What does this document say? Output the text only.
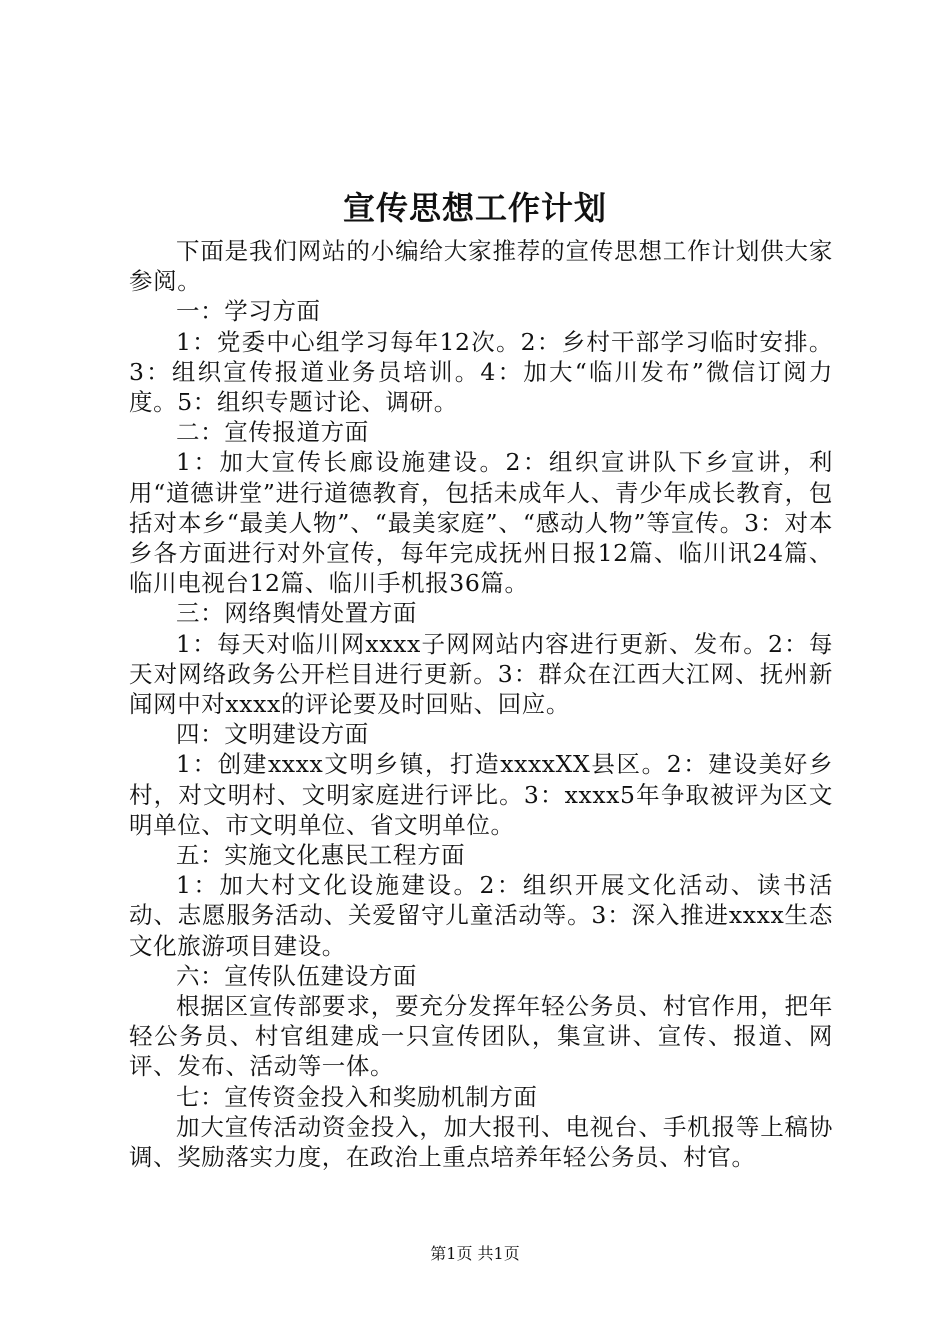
宣传思想工作计划

下面是我们网站的小编给大家推荐的宣传思想工作计划供大家参阅。

一：学习方面

1：党委中心组学习每年12次。2：乡村干部学习临时安排。3：组织宣传报道业务员培训。4：加大“临川发布”微信订阅力度。5：组织专题讨论、调研。

二：宣传报道方面

1：加大宣传长廊设施建设。2：组织宣讲队下乡宣讲，利用“道德讲堂”进行道德教育，包括未成年人、青少年成长教育，包括对本乡“最美人物”、“最美家庭”、“感动人物”等宣传。3：对本乡各方面进行对外宣传，每年完成抚州日报12篇、临川讯24篇、临川电视台12篇、临川手机报36篇。

三：网络舆情处置方面

1：每天对临川网xxxx子网网站内容进行更新、发布。2：每天对网络政务公开栏目进行更新。3：群众在江西大江网、抚州新闻网中对xxxx的评论要及时回贴、回应。

四：文明建设方面

1：创建xxxx文明乡镇，打造xxxxXX县区。2：建设美好乡村，对文明村、文明家庭进行评比。3：xxxx5年争取被评为区文明单位、市文明单位、省文明单位。

五：实施文化惠民工程方面

1：加大村文化设施建设。2：组织开展文化活动、读书活动、志愿服务活动、关爱留守儿童活动等。3：深入推进xxxx生态文化旅游项目建设。

六：宣传队伍建设方面

根据区宣传部要求，要充分发挥年轻公务员、村官作用，把年轻公务员、村官组建成一只宣传团队，集宣讲、宣传、报道、网评、发布、活动等一体。

七：宣传资金投入和奖励机制方面

加大宣传活动资金投入，加大报刊、电视台、手机报等上稿协调、奖励落实力度，在政治上重点培养年轻公务员、村官。

第1页 共1页
